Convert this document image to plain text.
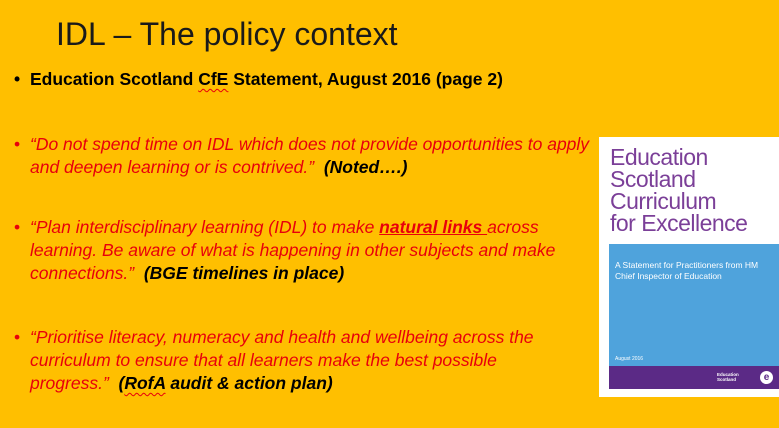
IDL – The policy context
• Education Scotland CfE Statement, August 2016 (page 2)
• “Do not spend time on IDL which does not provide opportunities to apply and deepen learning or is contrived.” (Noted….)
• “Plan interdisciplinary learning (IDL) to make natural links across learning. Be aware of what is happening in other subjects and make connections.” (BGE timelines in place)
• “Prioritise literacy, numeracy and health and wellbeing across the curriculum to ensure that all learners make the best possible progress.” (RofA audit & action plan)
Education
Scotland
Curriculum
for Excellence
A Statement for Practitioners from HM Chief Inspector of Education
August 2016
Education Scotland	e
